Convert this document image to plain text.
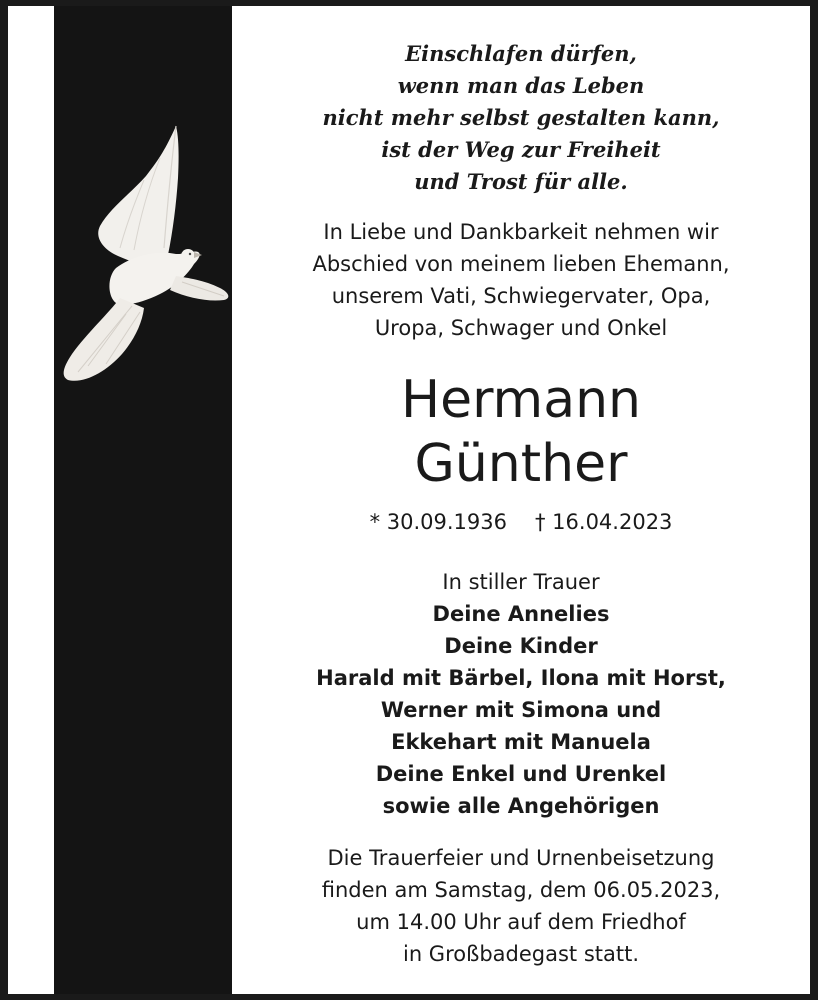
Einschlafen dürfen,
wenn man das Leben
nicht mehr selbst gestalten kann,
ist der Weg zur Freiheit
und Trost für alle.
In Liebe und Dankbarkeit nehmen wir
Abschied von meinem lieben Ehemann,
unserem Vati, Schwiegervater, Opa,
Uropa, Schwager und Onkel
Hermann
Günther
* 30.09.1936 † 16.04.2023
In stiller Trauer
Deine Annelies
Deine Kinder
Harald mit Bärbel, Ilona mit Horst,
Werner mit Simona und
Ekkehart mit Manuela
Deine Enkel und Urenkel
sowie alle Angehörigen
Die Trauerfeier und Urnenbeisetzung
finden am Samstag, dem 06.05.2023,
um 14.00 Uhr auf dem Friedhof
in Großbadegast statt.
